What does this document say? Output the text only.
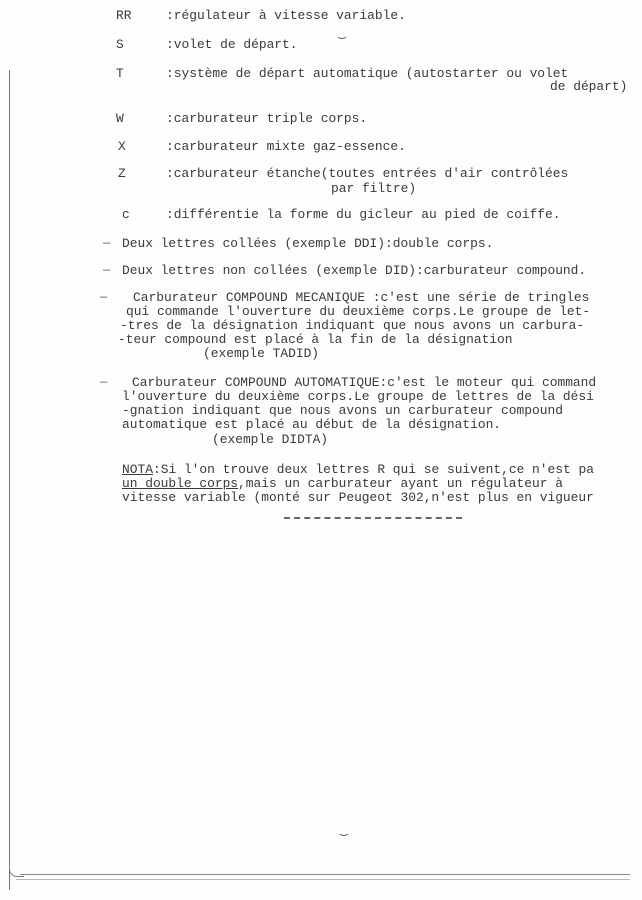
RR	:régulateur à vitesse variable.
‿
S	:volet de départ.
T	:système de départ automatique (autostarter ou volet
de départ)
W	:carburateur triple corps.
X	:carburateur mixte gaz-essence.
Z	:carburateur étanche(toutes entrées d'air contrôlées
par filtre)
c	:différentie la forme du gicleur au pied de coiffe.
— Deux lettres collées (exemple DDI):double corps.
— Deux lettres non collées (exemple DID):carburateur compound.
— Carburateur COMPOUND MECANIQUE :c'est une série de tringles
qui commande l'ouverture du deuxième corps.Le groupe de let-
-tres de la désignation indiquant que nous avons un carbura-
-teur compound est placé à la fin de la désignation
(exemple TADID)
— Carburateur COMPOUND AUTOMATIQUE:c'est le moteur qui command
l'ouverture du deuxième corps.Le groupe de lettres de la dési
-gnation indiquant que nous avons un carburateur compound
automatique est placé au début de la désignation.
(exemple DIDTA)
NOTA :Si l'on trouve deux lettres R qui se suivent,ce n'est pa
un double corps,mais un carburateur ayant un régulateur à
vitesse variable (monté sur Peugeot 302,n'est plus en vigueur
‿
